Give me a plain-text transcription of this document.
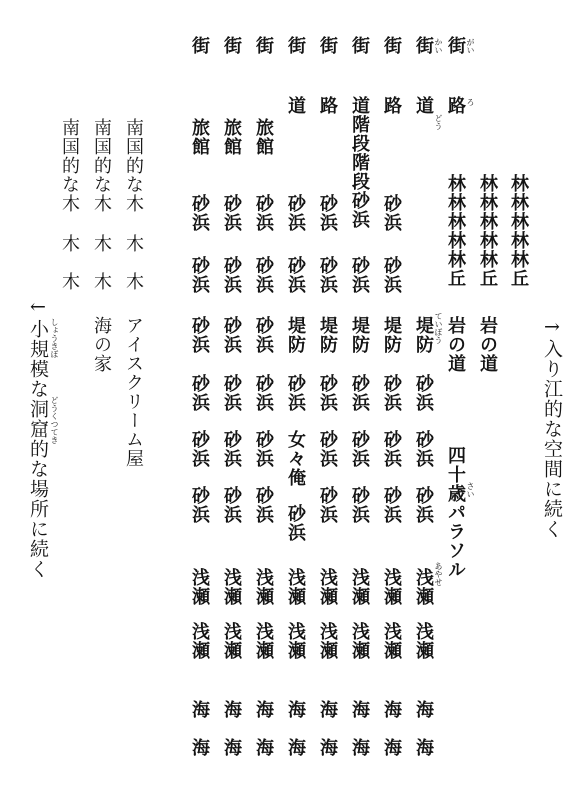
→入り江的な空間に続く
林林林林林丘
岩の道
林林林林林丘
岩の道
四十歳パラソル さい
林林林林林丘
街 がい
路 ろ
街 かい
道
どう
堤防 ていぼう
砂浜
砂浜
砂浜
浅瀬 あやせ
浅瀬
海
海
街
路
砂浜
砂浜
堤防
砂浜
砂浜
砂浜
浅瀬
浅瀬
海
海
街
道階段階段砂浜
砂浜
堤防
砂浜
砂浜
砂浜
浅瀬
浅瀬
海
海
街
路
砂浜
砂浜
堤防
砂浜
砂浜
砂浜
浅瀬
浅瀬
海
海
街
道
砂浜
砂浜
堤防
砂浜
女々俺
砂浜
浅瀬
浅瀬
海
海
街
旅館
砂浜
砂浜
砂浜
砂浜
砂浜
砂浜
浅瀬
浅瀬
海
海
街
旅館
砂浜
砂浜
砂浜
砂浜
砂浜
砂浜
浅瀬
浅瀬
海
海
街
旅館
砂浜
砂浜
砂浜
砂浜
砂浜
砂浜
浅瀬
浅瀬
海
海
南国的な木
木
木
アイスクリーム屋
南国的な木
木
木
海の家
南国的な木
木
木
←小規模な洞窟的な場所に続く しょうきぼ
どうくつてき
